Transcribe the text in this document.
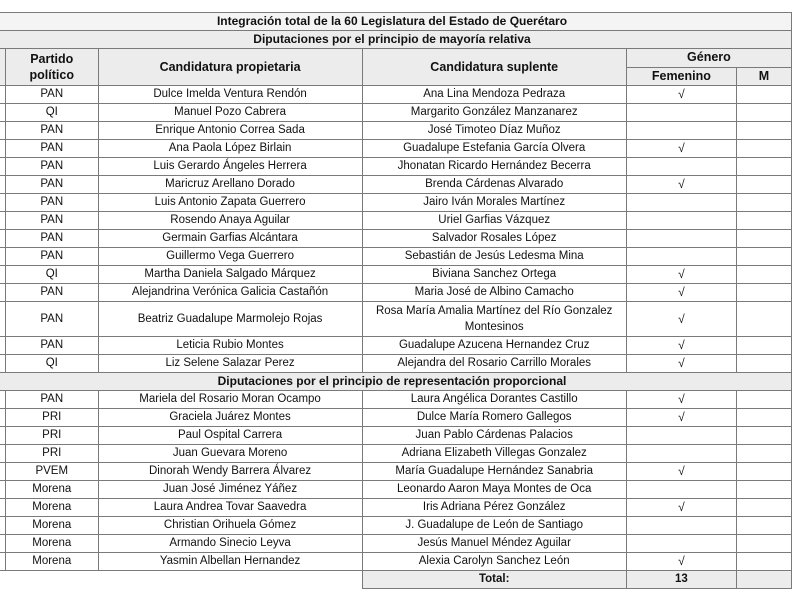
Integración total de la 60 Legislatura del Estado de Querétaro					
Diputaciones por el principio de mayoría relativa					
	Partido político	Candidatura propietaria	Candidatura suplente	Género	
				Femenino	M
	PAN	Dulce Imelda Ventura Rendón	Ana Lina Mendoza Pedraza	√	
	QI	Manuel Pozo Cabrera	Margarito González Manzanarez		
	PAN	Enrique Antonio Correa Sada	José Timoteo Díaz Muñoz		
	PAN	Ana Paola López Birlain	Guadalupe Estefania García Olvera	√	
	PAN	Luis Gerardo Ángeles Herrera	Jhonatan Ricardo Hernández Becerra		
	PAN	Maricruz Arellano Dorado	Brenda Cárdenas Alvarado	√	
	PAN	Luis Antonio Zapata Guerrero	Jairo Iván Morales Martínez		
	PAN	Rosendo Anaya Aguilar	Uriel Garfias Vázquez		
	PAN	Germain Garfias Alcántara	Salvador Rosales López		
	PAN	Guillermo Vega Guerrero	Sebastián de Jesús Ledesma Mina		
	QI	Martha Daniela Salgado Márquez	Biviana Sanchez Ortega	√	
	PAN	Alejandrina Verónica Galicia Castañón	Maria José de Albino Camacho	√	
	PAN	Beatriz Guadalupe Marmolejo Rojas	Rosa María Amalia Martínez del Río Gonzalez Montesinos	√	
	PAN	Leticia Rubio Montes	Guadalupe Azucena Hernandez Cruz	√	
	QI	Liz Selene Salazar Perez	Alejandra del Rosario Carrillo Morales	√	
Diputaciones por el principio de representación proporcional					
	PAN	Mariela del Rosario Moran Ocampo	Laura Angélica Dorantes Castillo	√	
	PRI	Graciela Juárez Montes	Dulce María Romero Gallegos	√	
	PRI	Paul Ospital Carrera	Juan Pablo Cárdenas Palacios		
	PRI	Juan Guevara Moreno	Adriana Elizabeth Villegas Gonzalez		
	PVEM	Dinorah Wendy Barrera Álvarez	María Guadalupe Hernández Sanabria	√	
	Morena	Juan José Jiménez Yáñez	Leonardo Aaron Maya Montes de Oca		
	Morena	Laura Andrea Tovar Saavedra	Iris Adriana Pérez González	√	
	Morena	Christian Orihuela Gómez	J. Guadalupe de León de Santiago		
	Morena	Armando Sinecio Leyva	Jesús Manuel Méndez Aguilar		
	Morena	Yasmin Albellan Hernandez	Alexia Carolyn Sanchez León	√	
			Total:	13	
